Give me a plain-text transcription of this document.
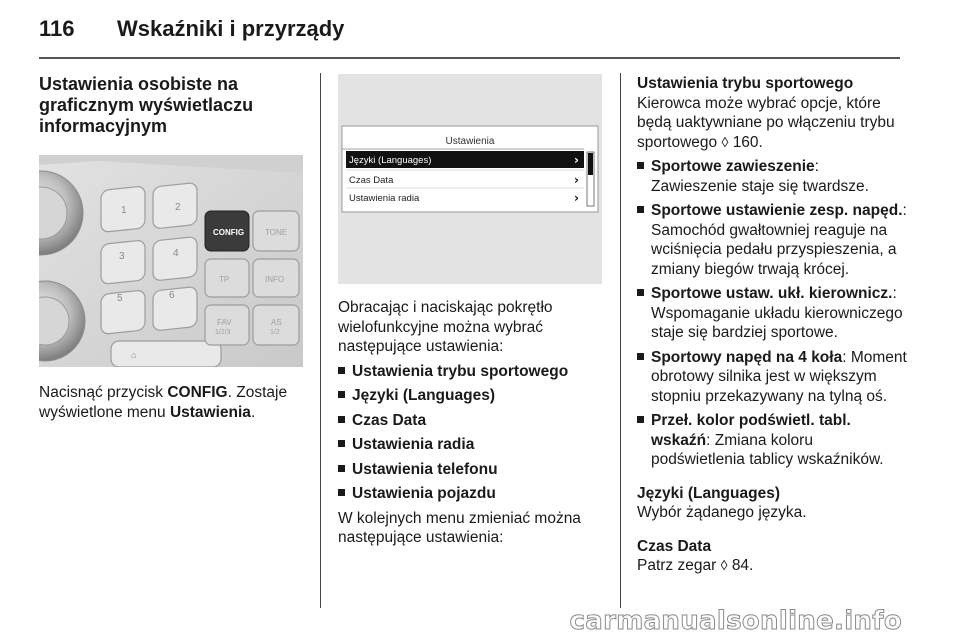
116 Wskaźniki i przyrządy
Ustawienia osobiste na graficznym wyświetlaczu informacyjnym
1	2
3	4
5	6
⌂
CONFIG	TONE
TP	INFO
FAV
1/2/3
AS
1/2

Nacisnąć przycisk CONFIG. Zostaje wyświetlone menu Ustawienia.

Ustawienia
Języki (Languages)	›
Czas Data	›
Ustawienia radia	›

Obracając i naciskając pokrętło wielofunkcyjne można wybrać następujące ustawienia:

Ustawienia trybu sportowego
Języki (Languages)
Czas Data
Ustawienia radia
Ustawienia telefonu
Ustawienia pojazdu

W kolejnych menu zmieniać można następujące ustawienia:

Ustawienia trybu sportowego

Kierowca może wybrać opcje, które będą uaktywniane po włączeniu trybu sportowego ◊ 160.

Sportowe zawieszenie: Zawieszenie staje się twardsze.
Sportowe ustawienie zesp. napęd.: Samochód gwałtowniej reaguje na wciśnięcia pedału przyspieszenia, a zmiany biegów trwają krócej.
Sportowe ustaw. ukł. kierownicz.: Wspomaganie układu kierowniczego staje się bardziej sportowe.
Sportowy napęd na 4 koła: Moment obrotowy silnika jest w większym stopniu przekazywany na tylną oś.
Przeł. kolor podświetl. tabl. wskaźń: Zmiana koloru podświetlenia tablicy wskaźników.

Języki (Languages)

Wybór żądanego języka.

Czas Data

Patrz zegar ◊ 84.

carmanualsonline.info
